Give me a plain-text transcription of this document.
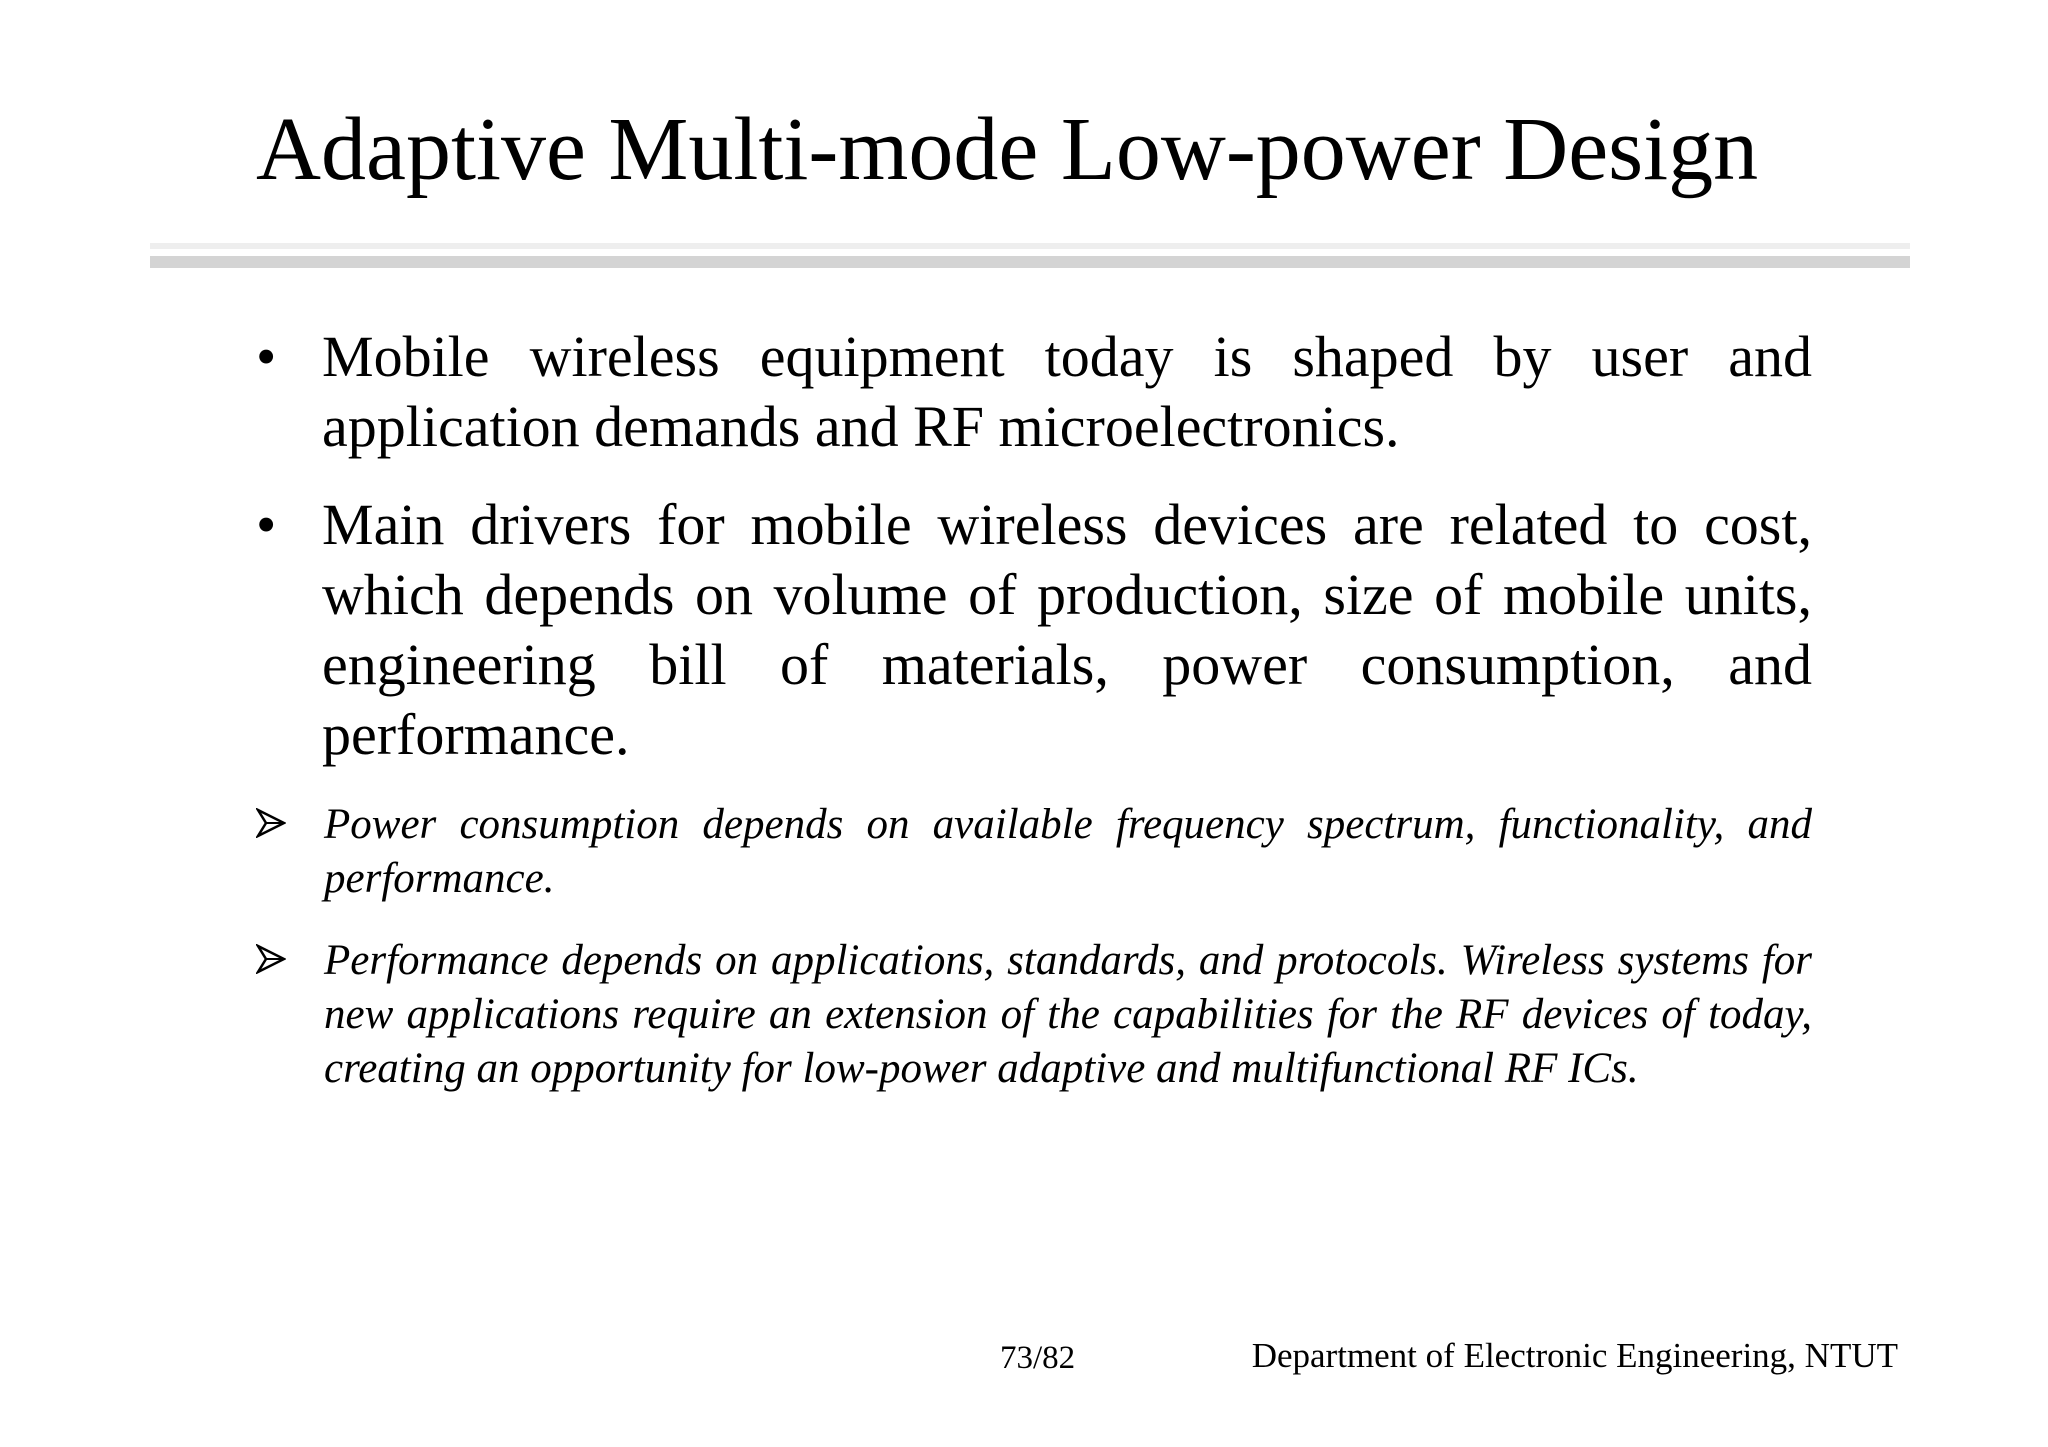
Adaptive Multi-mode Low-power Design
• Mobile wireless equipment today is shaped by user and application demands and RF microelectronics.
• Main drivers for mobile wireless devices are related to cost, which depends on volume of production, size of mobile units, engineering bill of materials, power consumption, and performance.
Power consumption depends on available frequency spectrum, functionality, and performance.
Performance depends on applications, standards, and protocols. Wireless systems for new applications require an extension of the capabilities for the RF devices of today, creating an opportunity for low-power adaptive and multifunctional RF ICs.
73/82	Department of Electronic Engineering, NTUT
